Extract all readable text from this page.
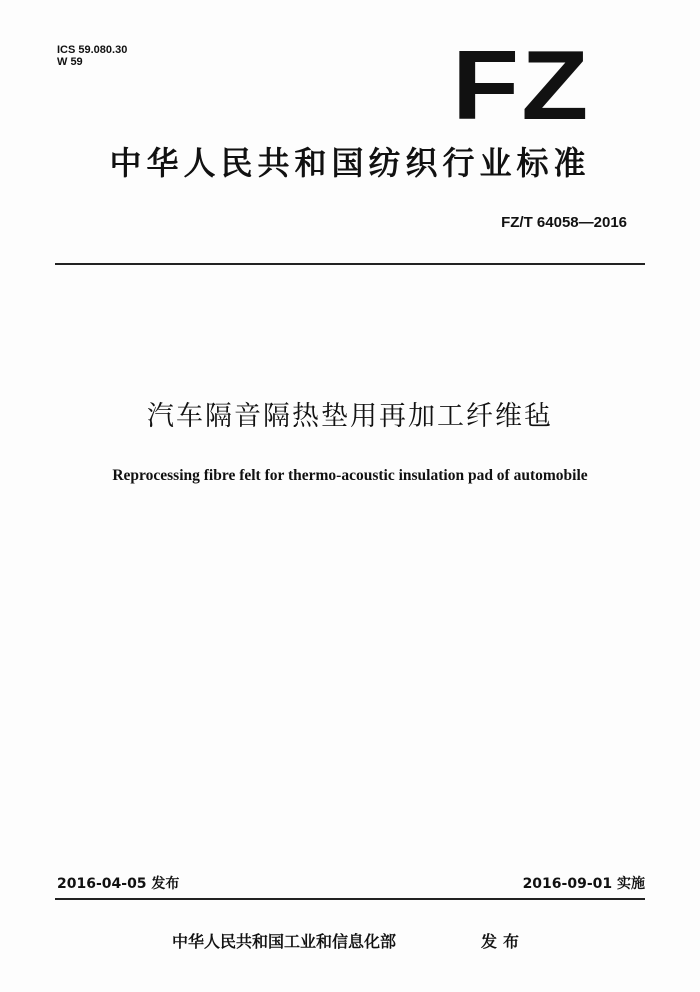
ICS 59.080.30
W 59	FZ
中华人民共和国纺织行业标准
FZ/T 64058—2016
汽车隔音隔热垫用再加工纤维毡
Reprocessing fibre felt for thermo-acoustic insulation pad of automobile
2016-04-05 发布	2016-09-01 实施
中华人民共和国工业和信息化部	发布
